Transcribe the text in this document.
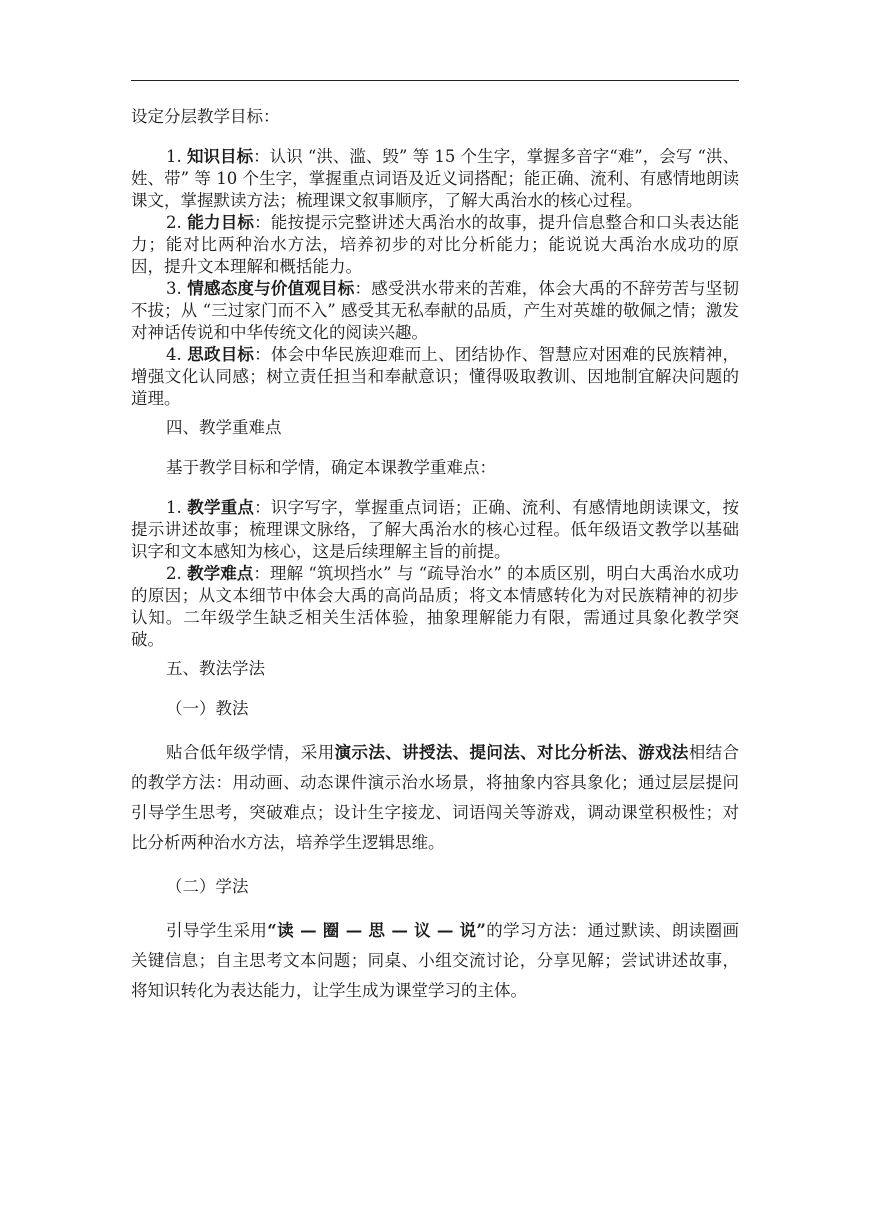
设定分层教学目标：

1. 知识目标：认识 “洪、滥、毁” 等 15 个生字，掌握多音字“难”，会写 “洪、姓、带” 等 10 个生字，掌握重点词语及近义词搭配；能正确、流利、有感情地朗读课文，掌握默读方法；梳理课文叙事顺序，了解大禹治水的核心过程。

2. 能力目标：能按提示完整讲述大禹治水的故事，提升信息整合和口头表达能力；能对比两种治水方法，培养初步的对比分析能力；能说说大禹治水成功的原因，提升文本理解和概括能力。

3. 情感态度与价值观目标：感受洪水带来的苦难，体会大禹的不辞劳苦与坚韧不拔；从 “三过家门而不入” 感受其无私奉献的品质，产生对英雄的敬佩之情；激发对神话传说和中华传统文化的阅读兴趣。

4. 思政目标：体会中华民族迎难而上、团结协作、智慧应对困难的民族精神，增强文化认同感；树立责任担当和奉献意识；懂得吸取教训、因地制宜解决问题的道理。

四、教学重难点

基于教学目标和学情，确定本课教学重难点：

1. 教学重点：识字写字，掌握重点词语；正确、流利、有感情地朗读课文，按提示讲述故事；梳理课文脉络，了解大禹治水的核心过程。低年级语文教学以基础识字和文本感知为核心，这是后续理解主旨的前提。

2. 教学难点：理解 “筑坝挡水” 与 “疏导治水” 的本质区别，明白大禹治水成功的原因；从文本细节中体会大禹的高尚品质；将文本情感转化为对民族精神的初步认知。二年级学生缺乏相关生活体验，抽象理解能力有限，需通过具象化教学突破。

五、教法学法

（一）教法

贴合低年级学情，采用演示法、讲授法、提问法、对比分析法、游戏法相结合的教学方法：用动画、动态课件演示治水场景，将抽象内容具象化；通过层层提问引导学生思考，突破难点；设计生字接龙、词语闯关等游戏，调动课堂积极性；对比分析两种治水方法，培养学生逻辑思维。

（二）学法

引导学生采用“读 — 圈 — 思 — 议 — 说”的学习方法：通过默读、朗读圈画关键信息；自主思考文本问题；同桌、小组交流讨论，分享见解；尝试讲述故事，将知识转化为表达能力，让学生成为课堂学习的主体。
